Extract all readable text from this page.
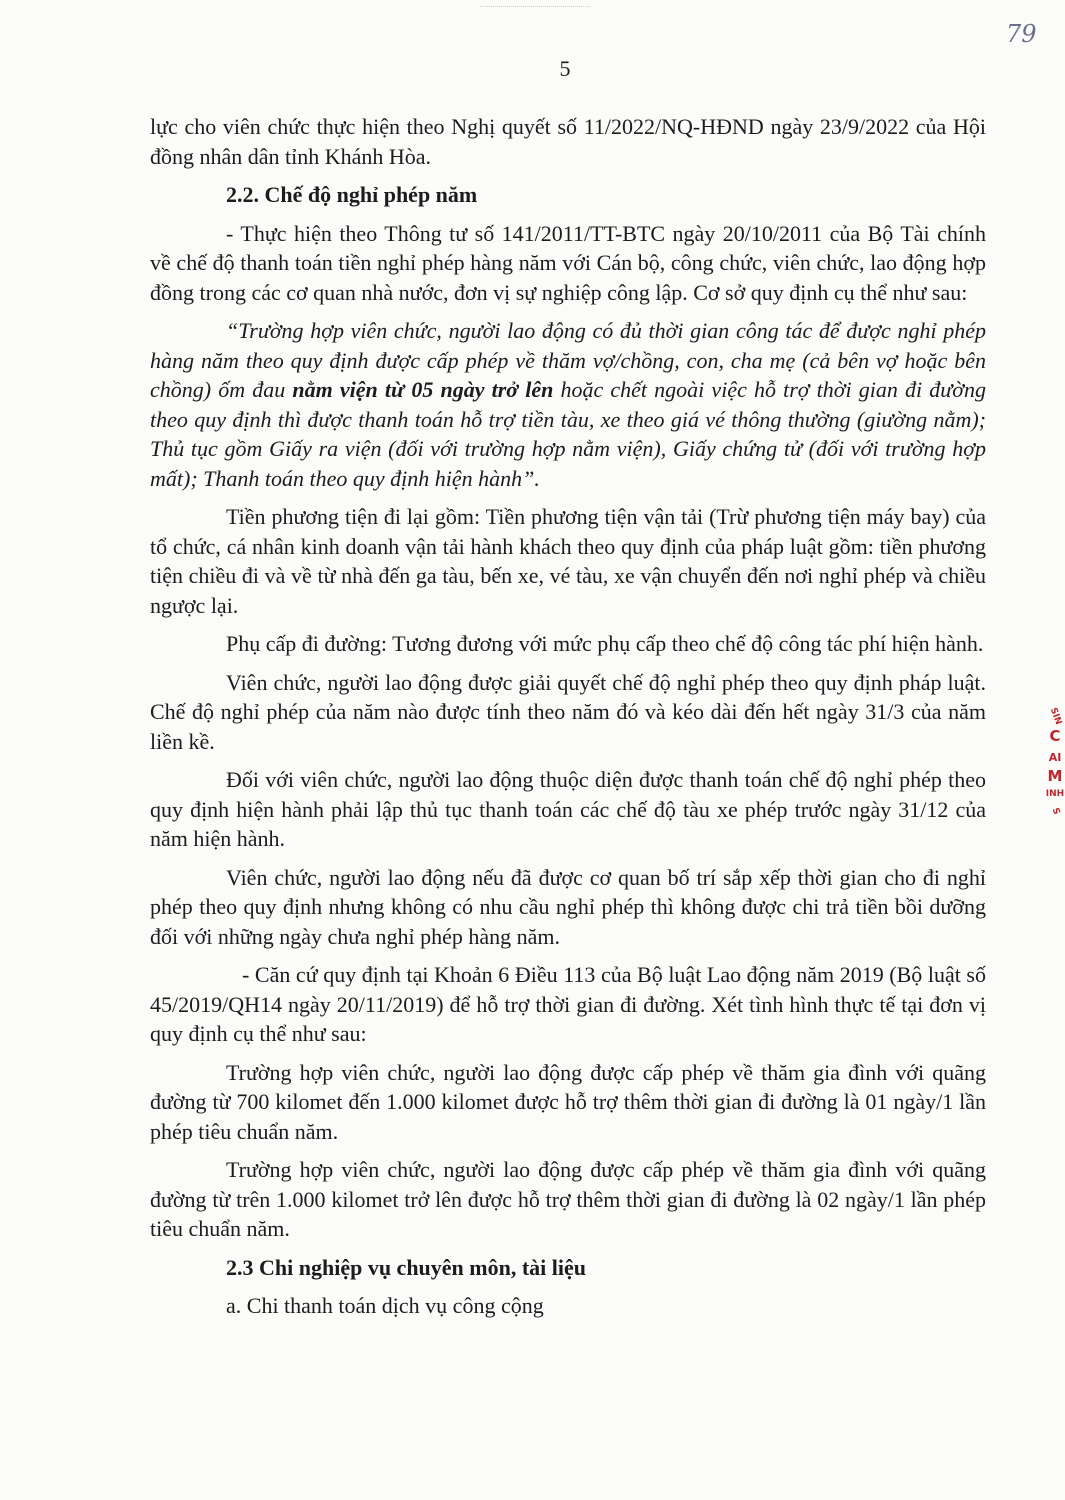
5
79
SIN
C
AI
M
INH
S

lực cho viên chức thực hiện theo Nghị quyết số 11/2022/NQ-HĐND ngày 23/9/2022 của Hội đồng nhân dân tỉnh Khánh Hòa.

2.2. Chế độ nghỉ phép năm

- Thực hiện theo Thông tư số 141/2011/TT-BTC ngày 20/10/2011 của Bộ Tài chính về chế độ thanh toán tiền nghỉ phép hàng năm với Cán bộ, công chức, viên chức, lao động hợp đồng trong các cơ quan nhà nước, đơn vị sự nghiệp công lập. Cơ sở quy định cụ thể như sau:

“Trường hợp viên chức, người lao động có đủ thời gian công tác để được nghỉ phép hàng năm theo quy định được cấp phép về thăm vợ/chồng, con, cha mẹ (cả bên vợ hoặc bên chồng) ốm đau nằm viện từ 05 ngày trở lên hoặc chết ngoài việc hỗ trợ thời gian đi đường theo quy định thì được thanh toán hỗ trợ tiền tàu, xe theo giá vé thông thường (giường nằm); Thủ tục gồm Giấy ra viện (đối với trường hợp nằm viện), Giấy chứng tử (đối với trường hợp mất); Thanh toán theo quy định hiện hành”.

Tiền phương tiện đi lại gồm: Tiền phương tiện vận tải (Trừ phương tiện máy bay) của tổ chức, cá nhân kinh doanh vận tải hành khách theo quy định của pháp luật gồm: tiền phương tiện chiều đi và về từ nhà đến ga tàu, bến xe, vé tàu, xe vận chuyển đến nơi nghỉ phép và chiều ngược lại.

Phụ cấp đi đường: Tương đương với mức phụ cấp theo chế độ công tác phí hiện hành.

Viên chức, người lao động được giải quyết chế độ nghỉ phép theo quy định pháp luật. Chế độ nghỉ phép của năm nào được tính theo năm đó và kéo dài đến hết ngày 31/3 của năm liền kề.

Đối với viên chức, người lao động thuộc diện được thanh toán chế độ nghỉ phép theo quy định hiện hành phải lập thủ tục thanh toán các chế độ tàu xe phép trước ngày 31/12 của năm hiện hành.

Viên chức, người lao động nếu đã được cơ quan bố trí sắp xếp thời gian cho đi nghỉ phép theo quy định nhưng không có nhu cầu nghỉ phép thì không được chi trả tiền bồi dưỡng đối với những ngày chưa nghỉ phép hàng năm.

- Căn cứ quy định tại Khoản 6 Điều 113 của Bộ luật Lao động năm 2019 (Bộ luật số 45/2019/QH14 ngày 20/11/2019) để hỗ trợ thời gian đi đường. Xét tình hình thực tế tại đơn vị quy định cụ thể như sau:

Trường hợp viên chức, người lao động được cấp phép về thăm gia đình với quãng đường từ 700 kilomet đến 1.000 kilomet được hỗ trợ thêm thời gian đi đường là 01 ngày/1 lần phép tiêu chuẩn năm.

Trường hợp viên chức, người lao động được cấp phép về thăm gia đình với quãng đường từ trên 1.000 kilomet trở lên được hỗ trợ thêm thời gian đi đường là 02 ngày/1 lần phép tiêu chuẩn năm.

2.3 Chi nghiệp vụ chuyên môn, tài liệu

a. Chi thanh toán dịch vụ công cộng
